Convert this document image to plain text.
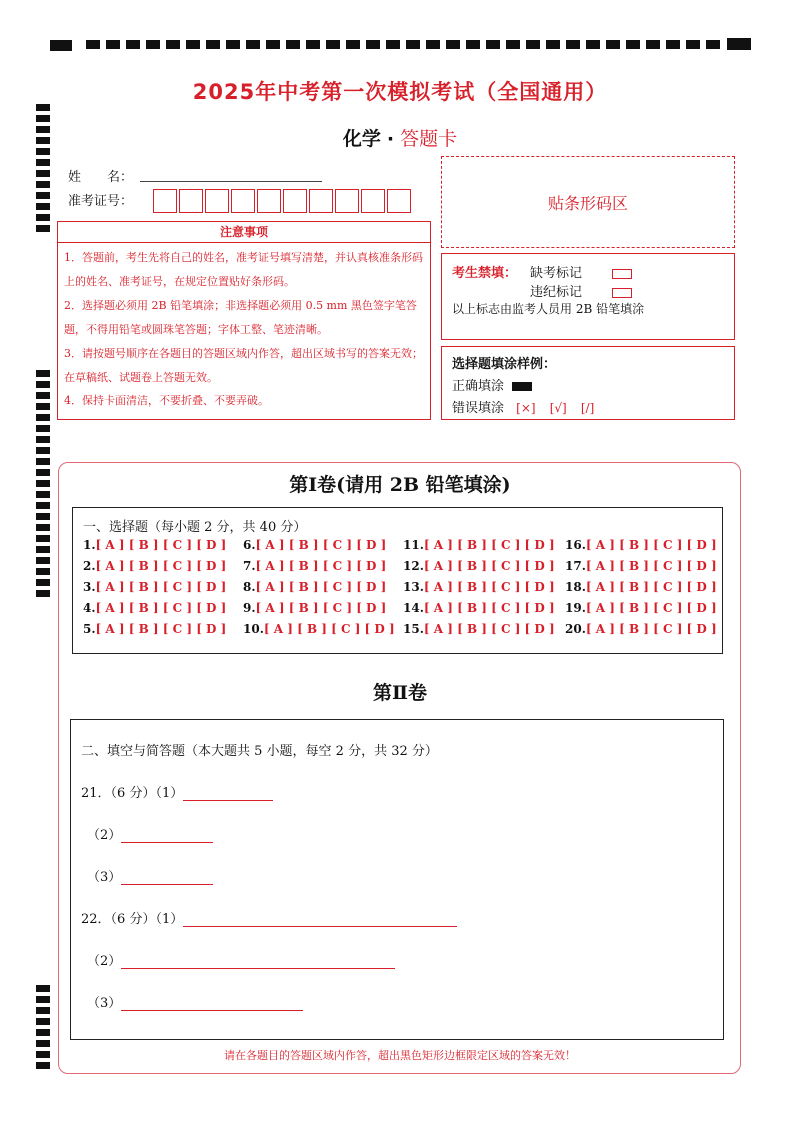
2025年中考第一次模拟考试（全国通用）
化学 · 答题卡
姓　　名：
准考证号：	贴条形码区
注意事项
1．答题前，考生先将自己的姓名，准考证号填写清楚，并认真核准条形码上的姓名、准考证号，在规定位置贴好条形码。
2．选择题必须用 2B 铅笔填涂；非选择题必须用 0.5 mm 黑色签字笔答题，不得用铅笔或圆珠笔答题；字体工整、笔迹清晰。
3．请按题号顺序在各题目的答题区域内作答，超出区域书写的答案无效；在草稿纸、试题卷上答题无效。
4．保持卡面清洁，不要折叠、不要弄破。
考生禁填： 缺考标记
违纪标记
以上标志由监考人员用 2B 铅笔填涂
选择题填涂样例：
正确填涂
错误填涂 [×] [√] [/]
第Ⅰ卷(请用 2B 铅笔填涂)
一、选择题（每小题 2 分，共 40 分）
1.[ A ] [ B ] [ C ] [ D ]
2.[ A ] [ B ] [ C ] [ D ]
3.[ A ] [ B ] [ C ] [ D ]
4.[ A ] [ B ] [ C ] [ D ]
5.[ A ] [ B ] [ C ] [ D ]
6.[ A ] [ B ] [ C ] [ D ]
7.[ A ] [ B ] [ C ] [ D ]
8.[ A ] [ B ] [ C ] [ D ]
9.[ A ] [ B ] [ C ] [ D ]
10.[ A ] [ B ] [ C ] [ D ]
11.[ A ] [ B ] [ C ] [ D ]
12.[ A ] [ B ] [ C ] [ D ]
13.[ A ] [ B ] [ C ] [ D ]
14.[ A ] [ B ] [ C ] [ D ]
15.[ A ] [ B ] [ C ] [ D ]
16.[ A ] [ B ] [ C ] [ D ]
17.[ A ] [ B ] [ C ] [ D ]
18.[ A ] [ B ] [ C ] [ D ]
19.[ A ] [ B ] [ C ] [ D ]
20.[ A ] [ B ] [ C ] [ D ]
第Ⅱ卷
二、填空与简答题（本大题共 5 小题，每空 2 分，共 32 分）
21．（6 分）（1）
（2）
（3）
22．（6 分）（1）
（2）
（3）
请在各题目的答题区域内作答，超出黑色矩形边框限定区域的答案无效！
